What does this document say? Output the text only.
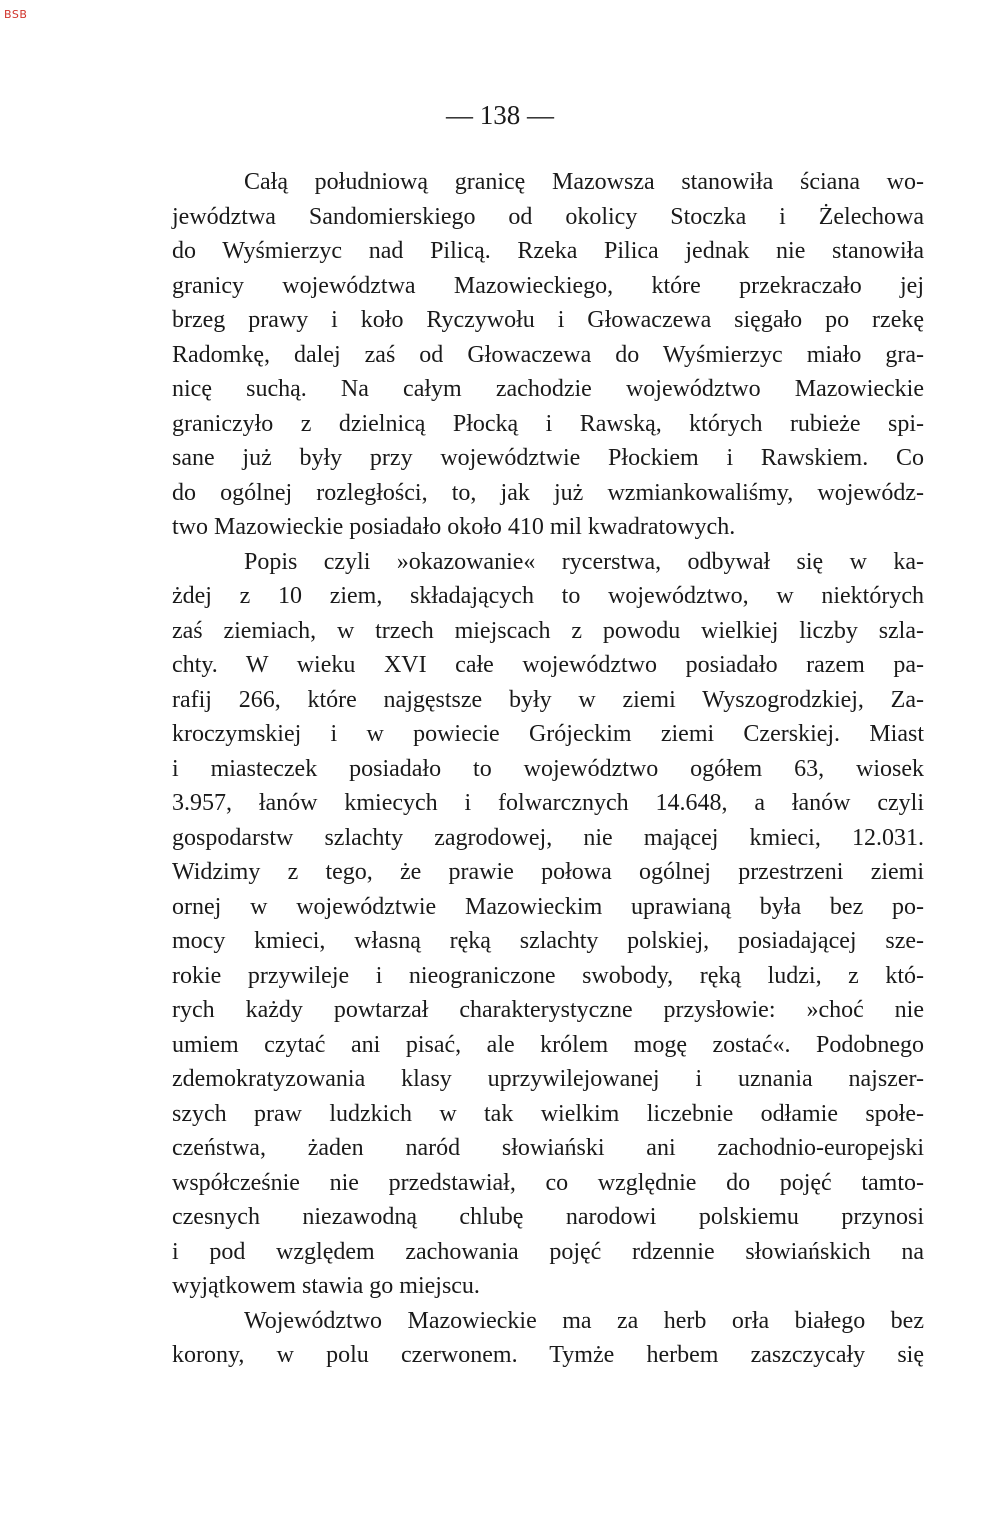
BSB
— 138 —
Całą południową granicę Mazowsza stanowiła ściana wo-
jewództwa Sandomierskiego od okolicy Stoczka i Żelechowa
do Wyśmierzyc nad Pilicą. Rzeka Pilica jednak nie stanowiła
granicy województwa Mazowieckiego, które przekraczało jej
brzeg prawy i koło Ryczywołu i Głowaczewa sięgało po rzekę
Radomkę, dalej zaś od Głowaczewa do Wyśmierzyc miało gra-
nicę suchą. Na całym zachodzie województwo Mazowieckie
graniczyło z dzielnicą Płocką i Rawską, których rubieże spi-
sane już były przy województwie Płockiem i Rawskiem. Co
do ogólnej rozległości, to, jak już wzmiankowaliśmy, wojewódz-
two Mazowieckie posiadało około 410 mil kwadratowych.
Popis czyli »okazowanie« rycerstwa, odbywał się w ka-
żdej z 10 ziem, składających to województwo, w niektórych
zaś ziemiach, w trzech miejscach z powodu wielkiej liczby szla-
chty. W wieku XVI całe województwo posiadało razem pa-
rafij 266, które najgęstsze były w ziemi Wyszogrodzkiej, Za-
kroczymskiej i w powiecie Grójeckim ziemi Czerskiej. Miast
i miasteczek posiadało to województwo ogółem 63, wiosek
3.957, łanów kmiecych i folwarcznych 14.648, a łanów czyli
gospodarstw szlachty zagrodowej, nie mającej kmieci, 12.031.
Widzimy z tego, że prawie połowa ogólnej przestrzeni ziemi
ornej w województwie Mazowieckim uprawianą była bez po-
mocy kmieci, własną ręką szlachty polskiej, posiadającej sze-
rokie przywileje i nieograniczone swobody, ręką ludzi, z któ-
rych każdy powtarzał charakterystyczne przysłowie: »choć nie
umiem czytać ani pisać, ale królem mogę zostać«. Podobnego
zdemokratyzowania klasy uprzywilejowanej i uznania najszer-
szych praw ludzkich w tak wielkim liczebnie odłamie społe-
czeństwa, żaden naród słowiański ani zachodnio-europejski
współcześnie nie przedstawiał, co względnie do pojęć tamto-
czesnych niezawodną chlubę narodowi polskiemu przynosi
i pod względem zachowania pojęć rdzennie słowiańskich na
wyjątkowem stawia go miejscu.
Województwo Mazowieckie ma za herb orła białego bez
korony, w polu czerwonem. Tymże herbem zaszczycały się
